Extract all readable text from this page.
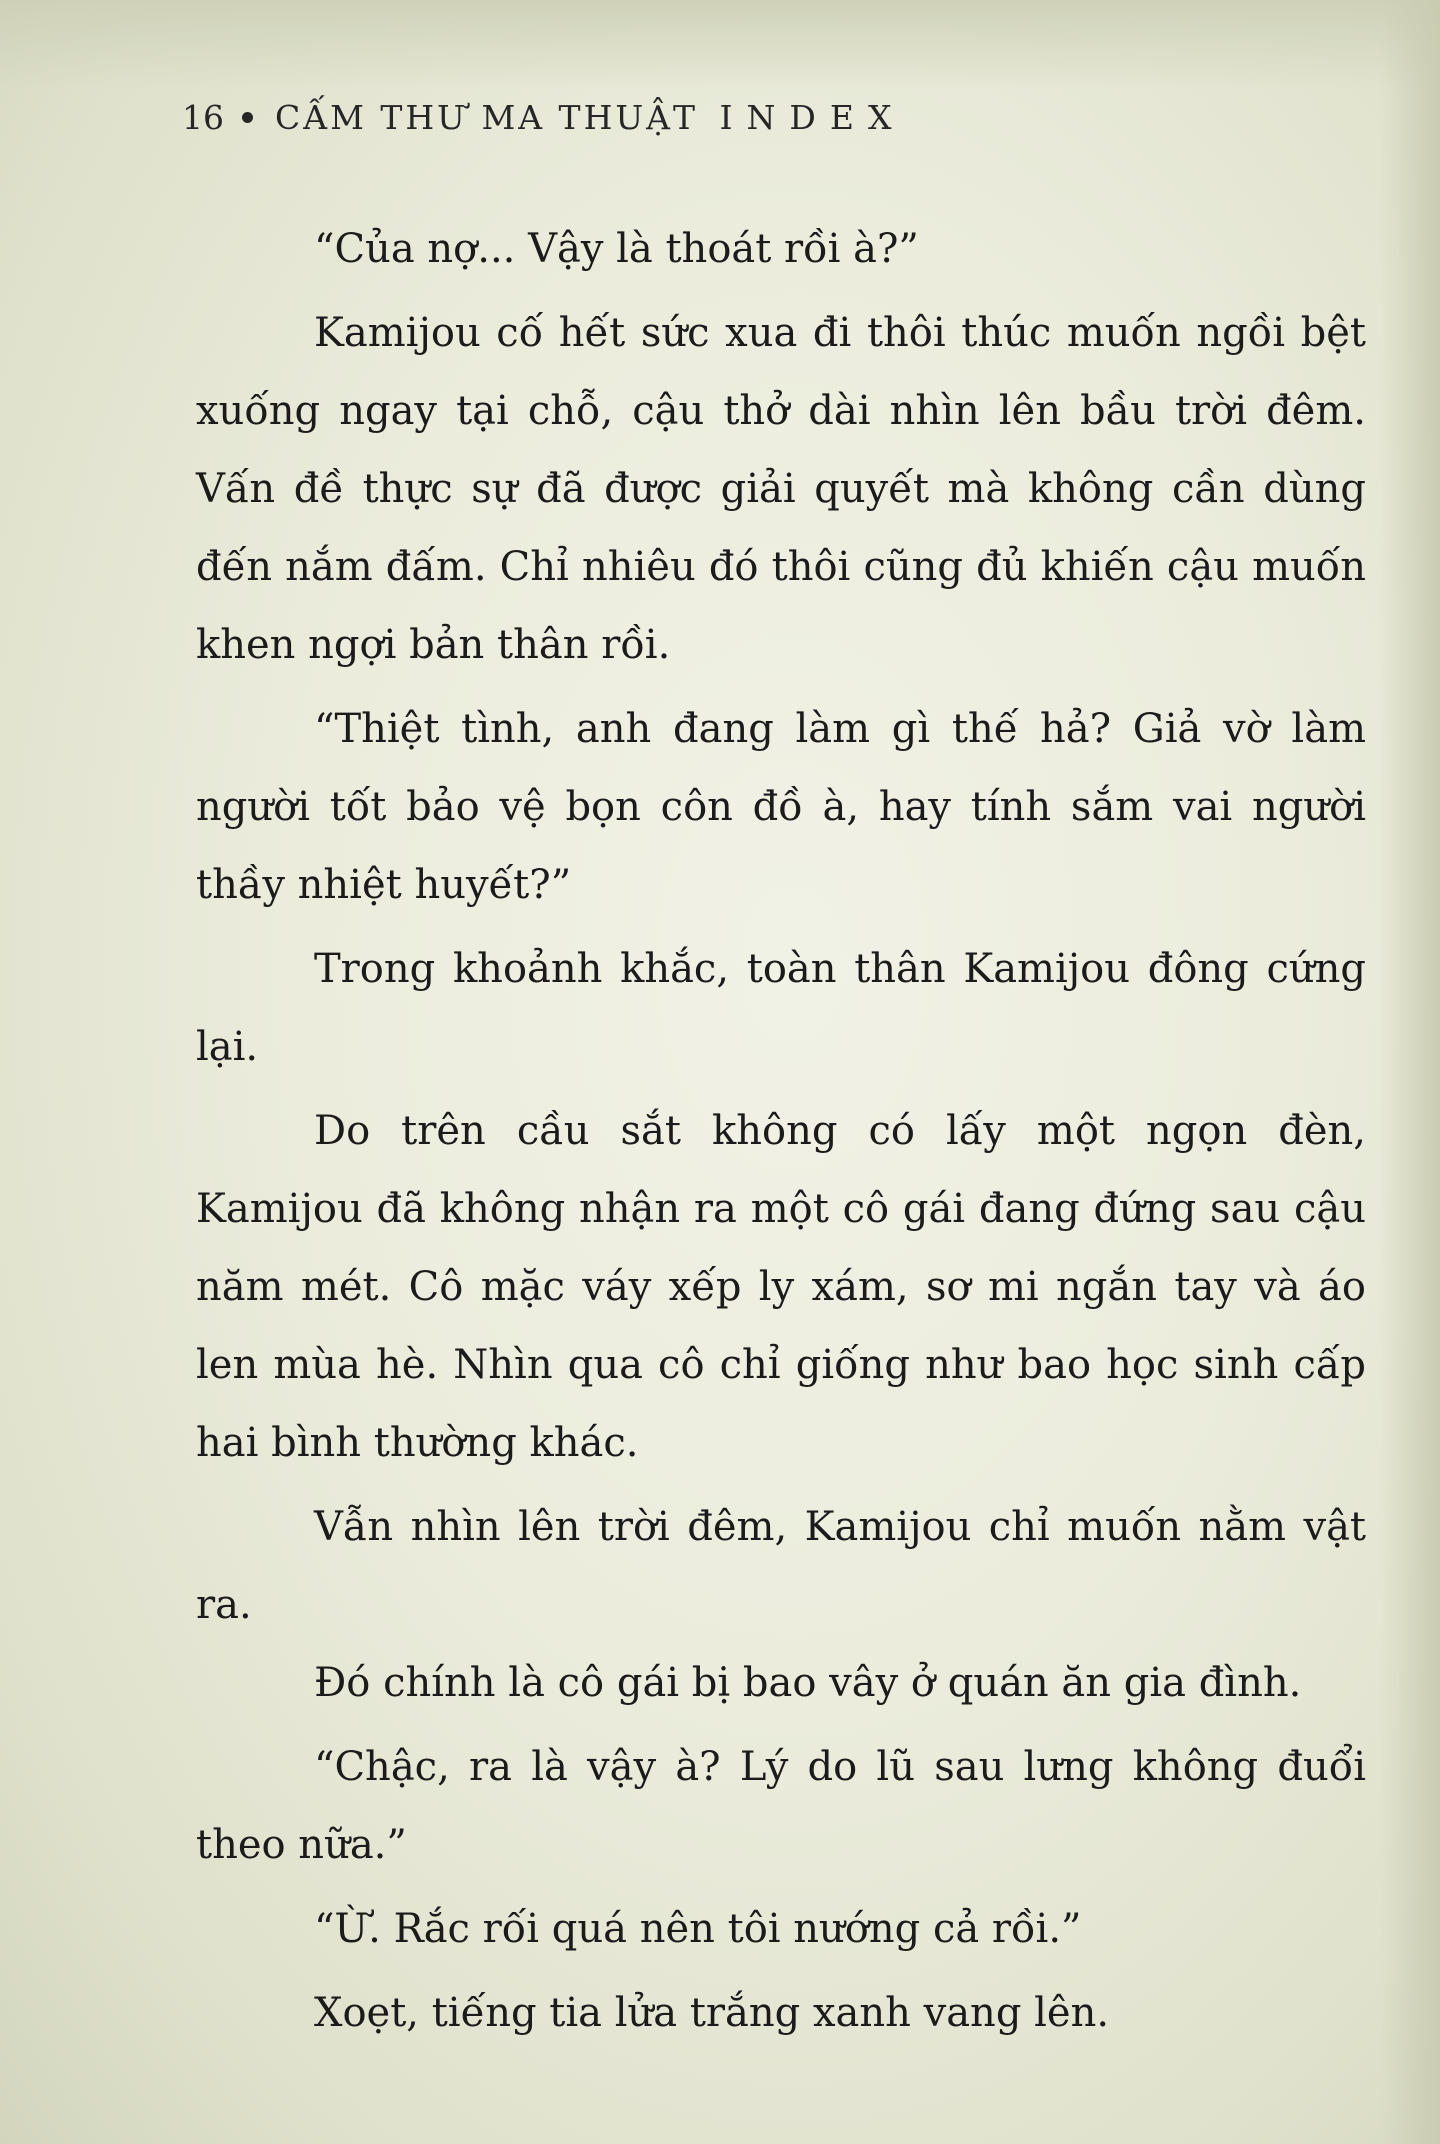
16 CẤM THƯ MA THUẬT INDEX

“Của nợ... Vậy là thoát rồi à?”

Kamijou cố hết sức xua đi thôi thúc muốn ngồi bệt xuống ngay tại chỗ, cậu thở dài nhìn lên bầu trời đêm. Vấn đề thực sự đã được giải quyết mà không cần dùng đến nắm đấm. Chỉ nhiêu đó thôi cũng đủ khiến cậu muốn khen ngợi bản thân rồi.

“Thiệt tình, anh đang làm gì thế hả? Giả vờ làm người tốt bảo vệ bọn côn đồ à, hay tính sắm vai người thầy nhiệt huyết?”

Trong khoảnh khắc, toàn thân Kamijou đông cứng lại.

Do trên cầu sắt không có lấy một ngọn đèn, Kamijou đã không nhận ra một cô gái đang đứng sau cậu năm mét. Cô mặc váy xếp ly xám, sơ mi ngắn tay và áo len mùa hè. Nhìn qua cô chỉ giống như bao học sinh cấp hai bình thường khác.

Vẫn nhìn lên trời đêm, Kamijou chỉ muốn nằm vật ra.

Đó chính là cô gái bị bao vây ở quán ăn gia đình.

“Chậc, ra là vậy à? Lý do lũ sau lưng không đuổi theo nữa.”

“Ừ. Rắc rối quá nên tôi nướng cả rồi.”

Xoẹt, tiếng tia lửa trắng xanh vang lên.
